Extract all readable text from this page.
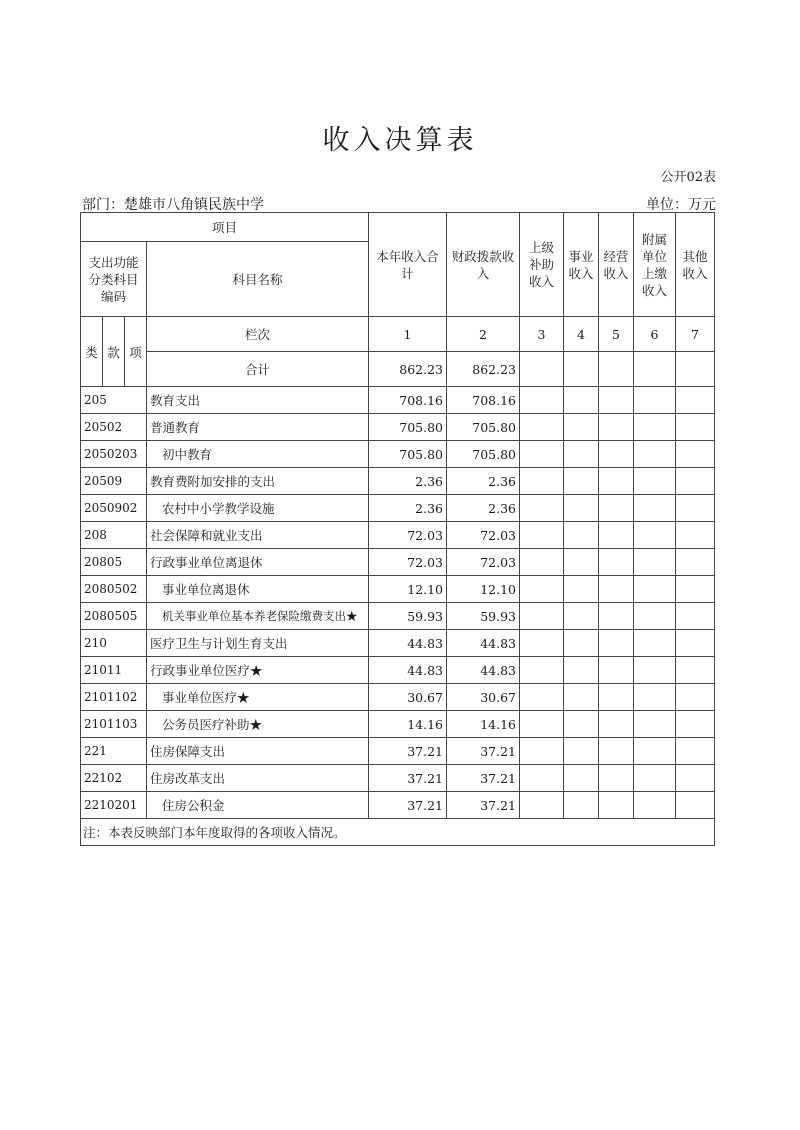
收入决算表
公开02表
部门：楚雄市八角镇民族中学	单位：万元
项目				本年收入合计	财政拨款收入	上级补助收入	事业收入	经营收入	附属单位上缴收入	其他收入
支出功能分类科目编码			科目名称							
类	款	项	栏次	1	2	3	4	5	6	7
			合计	862.23	862.23					
205			教育支出	708.16	708.16					
20502			普通教育	705.80	705.80					
2050203			初中教育	705.80	705.80					
20509			教育费附加安排的支出	2.36	2.36					
2050902			农村中小学教学设施	2.36	2.36					
208			社会保障和就业支出	72.03	72.03					
20805			行政事业单位离退休	72.03	72.03					
2080502			事业单位离退休	12.10	12.10					
2080505			机关事业单位基本养老保险缴费支出★	59.93	59.93					
210			医疗卫生与计划生育支出	44.83	44.83					
21011			行政事业单位医疗★	44.83	44.83					
2101102			事业单位医疗★	30.67	30.67					
2101103			公务员医疗补助★	14.16	14.16					
221			住房保障支出	37.21	37.21					
22102			住房改革支出	37.21	37.21					
2210201			住房公积金	37.21	37.21					
注：本表反映部门本年度取得的各项收入情况。										
